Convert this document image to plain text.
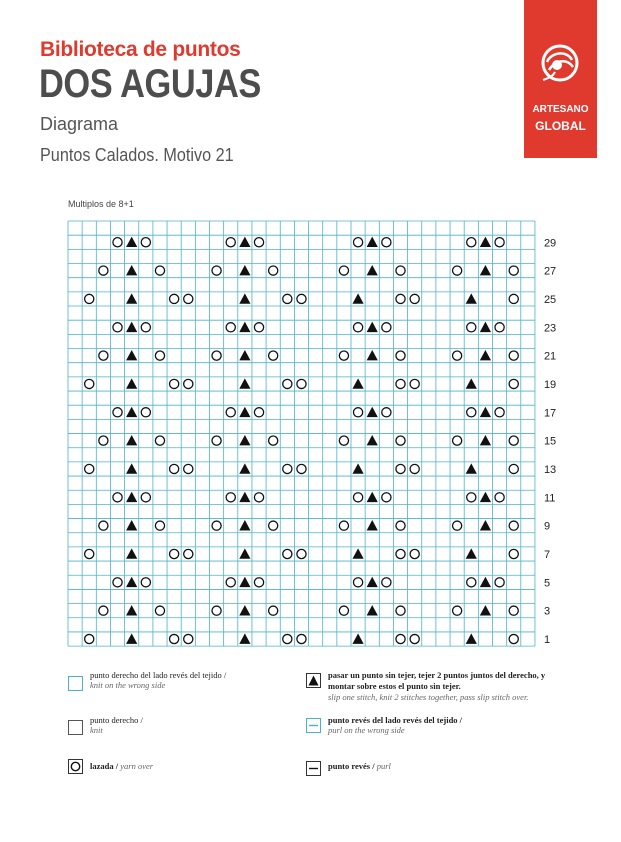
Biblioteca de puntos
DOS AGUJAS
Diagrama
Puntos Calados. Motivo 21
ARTESANO
GLOBAL
Multiplos de 8+1
29
27
25
23
21
19
17
15
13
11
9
7
5
3
1
punto derecho del lado revés del tejido /
knit on the wrong side
punto derecho /
knit
lazada / yarn over
pasar un punto sin tejer, tejer 2 puntos juntos del derecho, y montar sobre estos el punto sin tejer.
slip one stitch, knit 2 stitches together, pass slip stitch over.
punto revés del lado revés del tejido /
purl on the wrong side
punto revés / purl
